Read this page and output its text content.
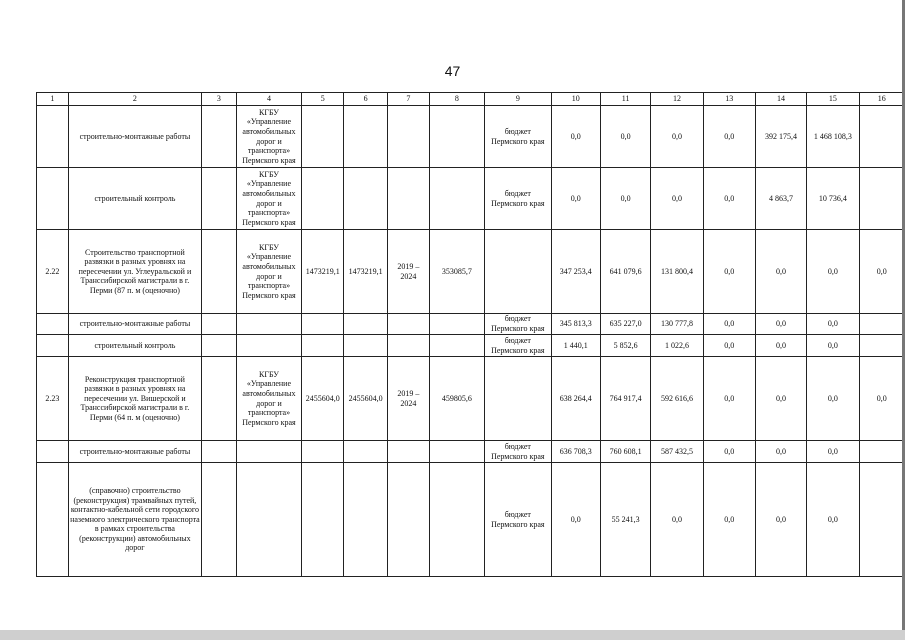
47
1	2	3	4	5	6	7	8	9	10	11	12	13	14	15	16
	строительно-монтажные работы		КГБУ «Управление автомобильных дорог и транспорта» Пермского края					бюджет Пермского края	0,0	0,0	0,0	0,0	392 175,4	1 468 108,3	
	строительный контроль		КГБУ «Управление автомобильных дорог и транспорта» Пермского края					бюджет Пермского края	0,0	0,0	0,0	0,0	4 863,7	10 736,4	
2.22	Строительство транспортной развязки в разных уровнях на пересечении ул. Углеуральской и Транссибирской магистрали в г. Перми (87 п. м (оценочно)		КГБУ «Управление автомобильных дорог и транспорта» Пермского края	1473219,1	1473219,1	2019 – 2024	353085,7		347 253,4	641 079,6	131 800,4	0,0	0,0	0,0	0,0
	строительно-монтажные работы							бюджет Пермского края	345 813,3	635 227,0	130 777,8	0,0	0,0	0,0	
	строительный контроль							бюджет Пермского края	1 440,1	5 852,6	1 022,6	0,0	0,0	0,0	
2.23	Реконструкция транспортной развязки в разных уровнях на пересечении ул. Вишерской и Транссибирской магистрали в г. Перми (64 п. м (оценочно)		КГБУ «Управление автомобильных дорог и транспорта» Пермского края	2455604,0	2455604,0	2019 – 2024	459805,6		638 264,4	764 917,4	592 616,6	0,0	0,0	0,0	0,0
	строительно-монтажные работы							бюджет Пермского края	636 708,3	760 608,1	587 432,5	0,0	0,0	0,0	
	(справочно) строительство (реконструкция) трамвайных путей, контактно-кабельной сети городского наземного электрического транспорта в рамках строительства (реконструкции) автомобильных дорог							бюджет Пермского края	0,0	55 241,3	0,0	0,0	0,0	0,0	
